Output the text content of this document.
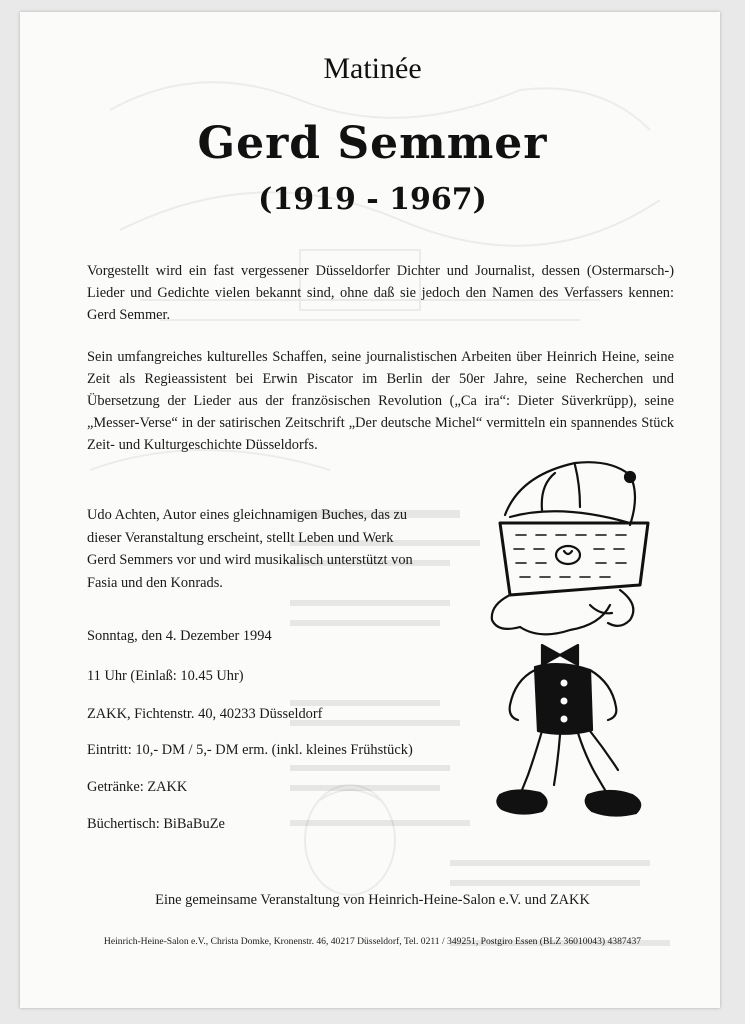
Matinée
Gerd Semmer
(1919 - 1967)

Vorgestellt wird ein fast vergessener Düsseldorfer Dichter und Journalist, dessen (Ostermarsch-) Lieder und Gedichte vielen bekannt sind, ohne daß sie jedoch den Namen des Verfassers kennen: Gerd Semmer.

Sein umfangreiches kulturelles Schaffen, seine journalistischen Arbeiten über Heinrich Heine, seine Zeit als Regieassistent bei Erwin Piscator im Berlin der 50er Jahre, seine Recherchen und Übersetzung der Lieder aus der französischen Revolution („Ca ira“: Dieter Süverkrüpp), seine „Messer-Verse“ in der satirischen Zeitschrift „Der deutsche Michel“ vermitteln ein spannendes Stück Zeit- und Kulturgeschichte Düsseldorfs.

Udo Achten, Autor eines gleichnamigen Buches, das zu dieser Veranstaltung erscheint, stellt Leben und Werk Gerd Semmers vor und wird musikalisch unterstützt von Fasia und den Konrads.

Sonntag, den 4. Dezember 1994

11 Uhr (Einlaß: 10.45 Uhr)

ZAKK, Fichtenstr. 40, 40233 Düsseldorf

Eintritt: 10,- DM / 5,- DM erm. (inkl. kleines Frühstück)

Getränke: ZAKK

Büchertisch: BiBaBuZe

Eine gemeinsame Veranstaltung von Heinrich-Heine-Salon e.V. und ZAKK

Heinrich-Heine-Salon e.V., Christa Domke, Kronenstr. 46, 40217 Düsseldorf, Tel. 0211 / 349251, Postgiro Essen (BLZ 36010043) 4387437
